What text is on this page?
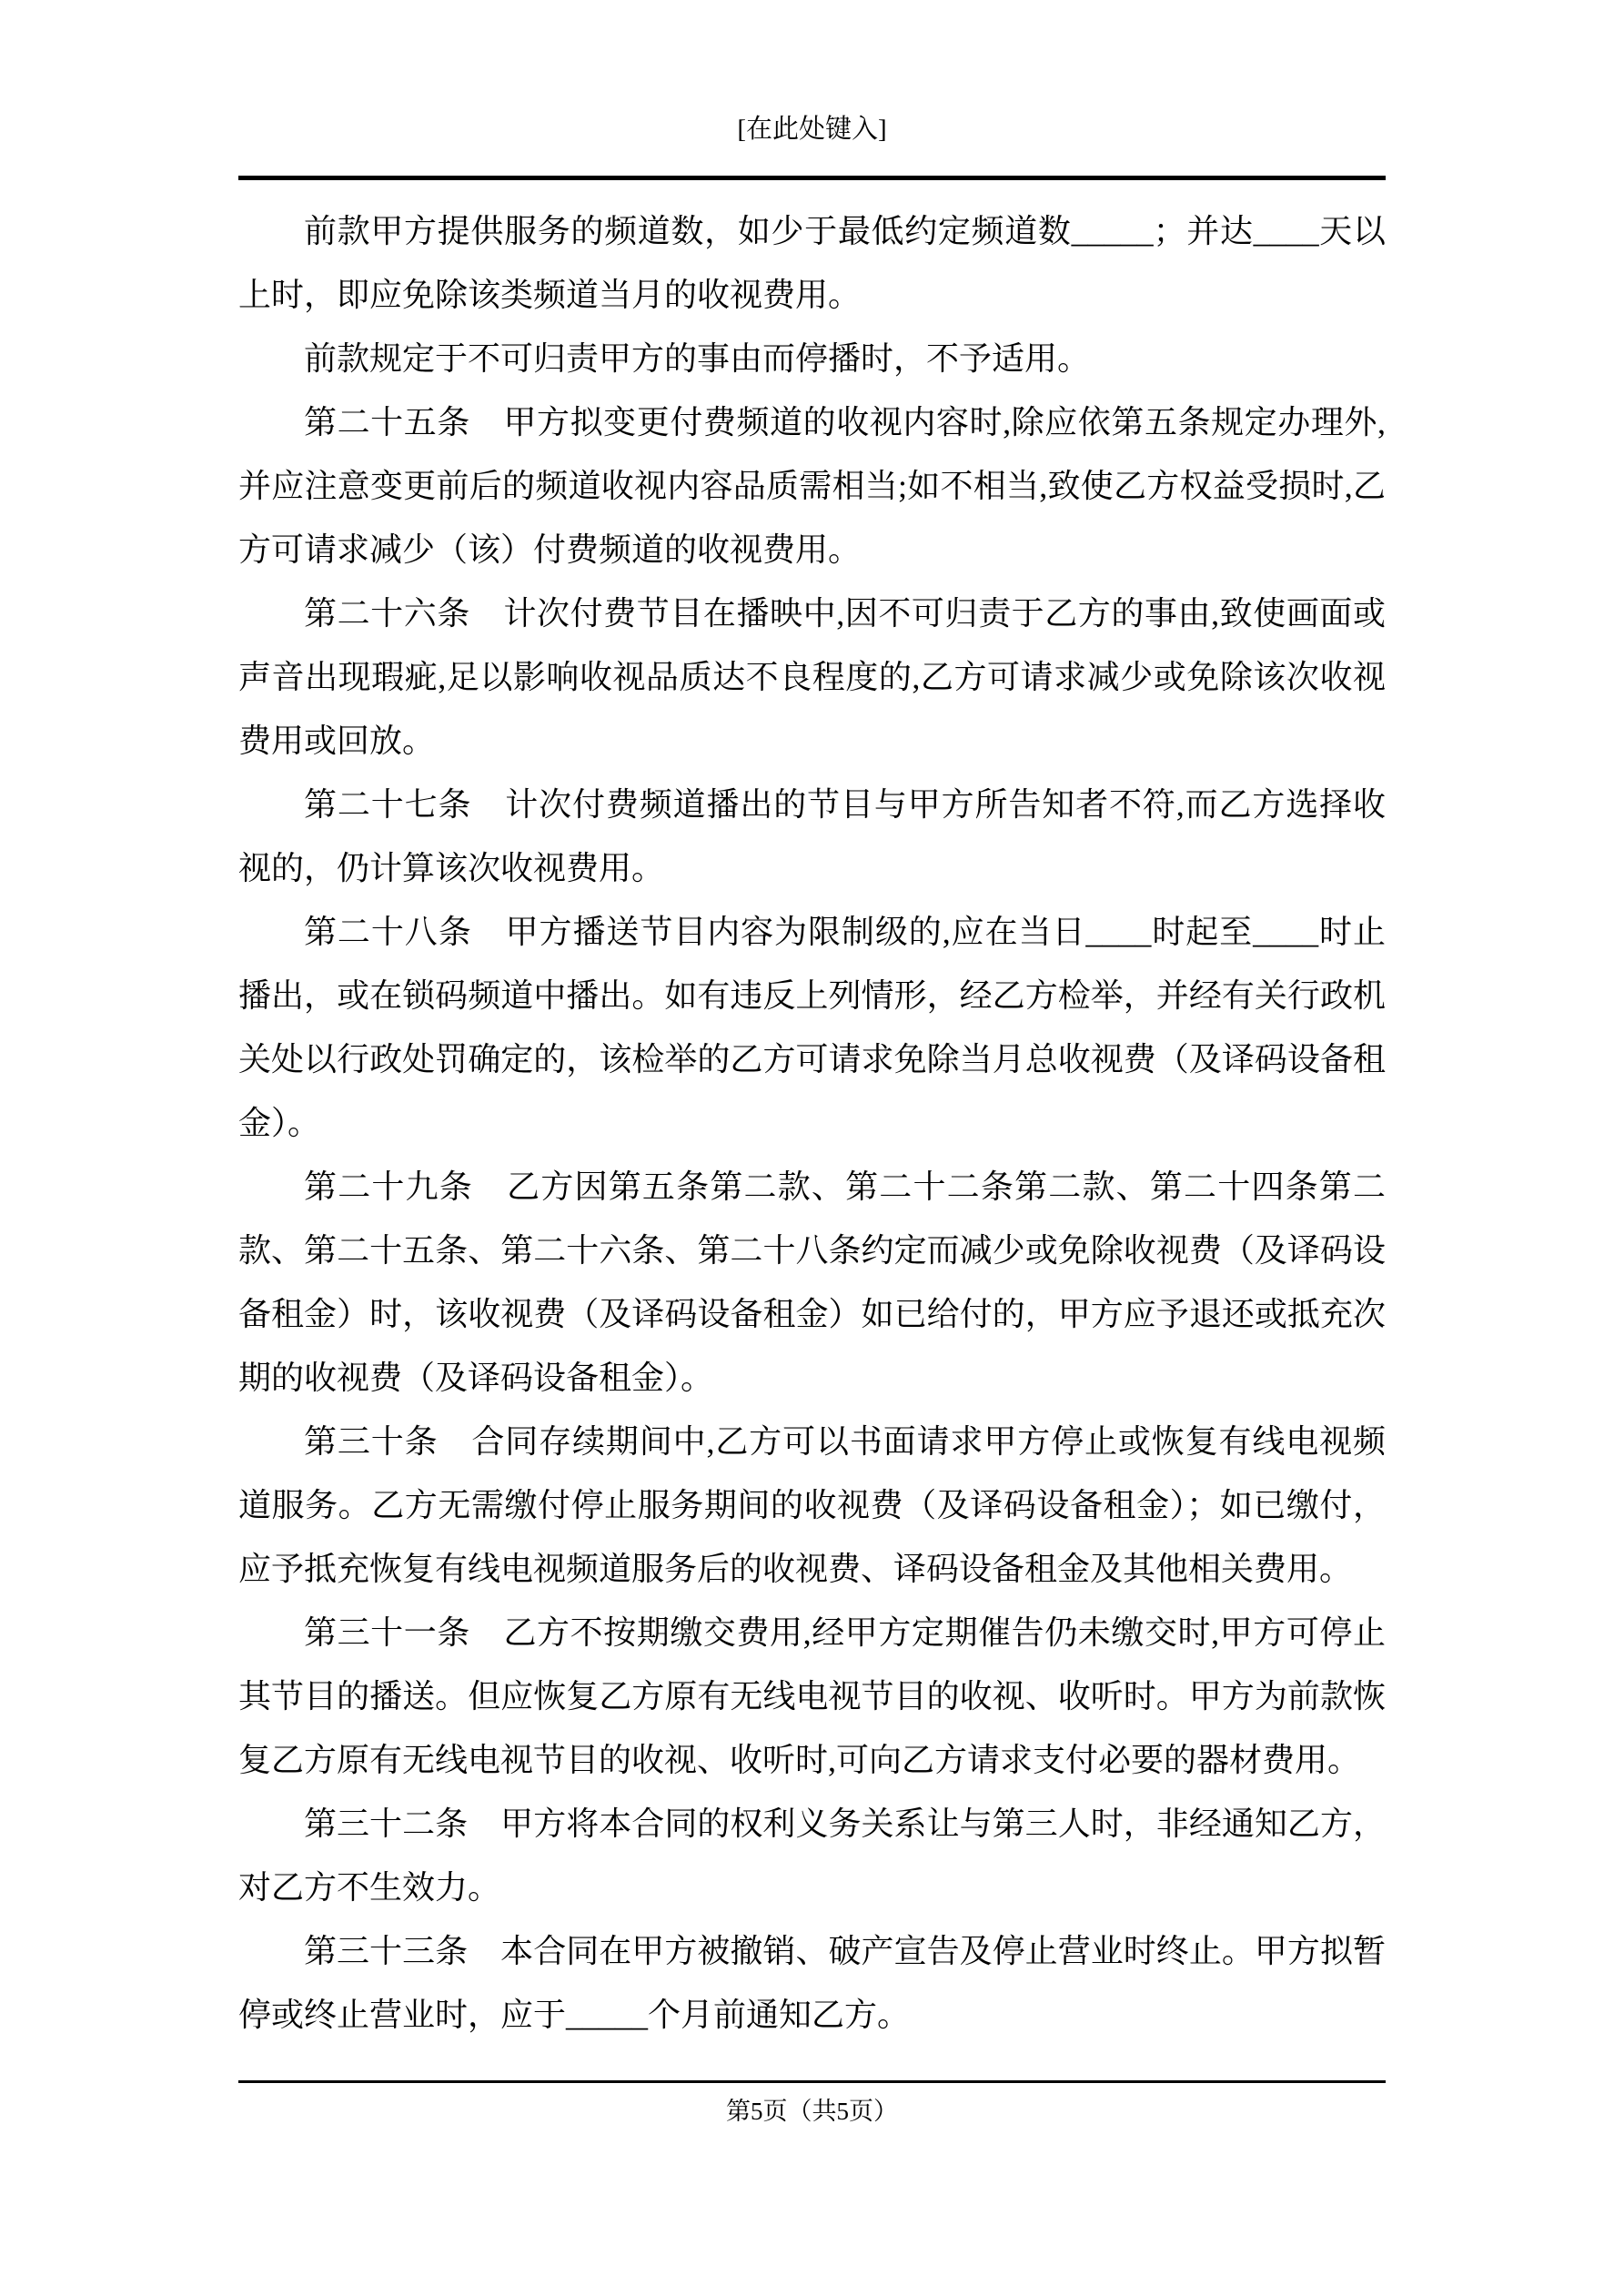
[在此处键入]

前款甲方提供服务的频道数，如少于最低约定频道数_____；并达____天以上时，即应免除该类频道当月的收视费用。

前款规定于不可归责甲方的事由而停播时，不予适用。

第二十五条　甲方拟变更付费频道的收视内容时,除应依第五条规定办理外,并应注意变更前后的频道收视内容品质需相当;如不相当,致使乙方权益受损时,乙方可请求减少（该）付费频道的收视费用。

第二十六条　计次付费节目在播映中,因不可归责于乙方的事由,致使画面或声音出现瑕疵,足以影响收视品质达不良程度的,乙方可请求减少或免除该次收视费用或回放。

第二十七条　计次付费频道播出的节目与甲方所告知者不符,而乙方选择收视的，仍计算该次收视费用。

第二十八条　甲方播送节目内容为限制级的,应在当日____时起至____时止播出，或在锁码频道中播出。如有违反上列情形，经乙方检举，并经有关行政机关处以行政处罚确定的，该检举的乙方可请求免除当月总收视费（及译码设备租金）。

第二十九条　乙方因第五条第二款、第二十二条第二款、第二十四条第二款、第二十五条、第二十六条、第二十八条约定而减少或免除收视费（及译码设备租金）时，该收视费（及译码设备租金）如已给付的，甲方应予退还或抵充次期的收视费（及译码设备租金）。

第三十条　合同存续期间中,乙方可以书面请求甲方停止或恢复有线电视频道服务。乙方无需缴付停止服务期间的收视费（及译码设备租金）；如已缴付，应予抵充恢复有线电视频道服务后的收视费、译码设备租金及其他相关费用。

第三十一条　乙方不按期缴交费用,经甲方定期催告仍未缴交时,甲方可停止其节目的播送。但应恢复乙方原有无线电视节目的收视、收听时。甲方为前款恢复乙方原有无线电视节目的收视、收听时,可向乙方请求支付必要的器材费用。

第三十二条　甲方将本合同的权利义务关系让与第三人时，非经通知乙方，对乙方不生效力。

第三十三条　本合同在甲方被撤销、破产宣告及停止营业时终止。甲方拟暂停或终止营业时，应于_____个月前通知乙方。

第5页（共5页）
